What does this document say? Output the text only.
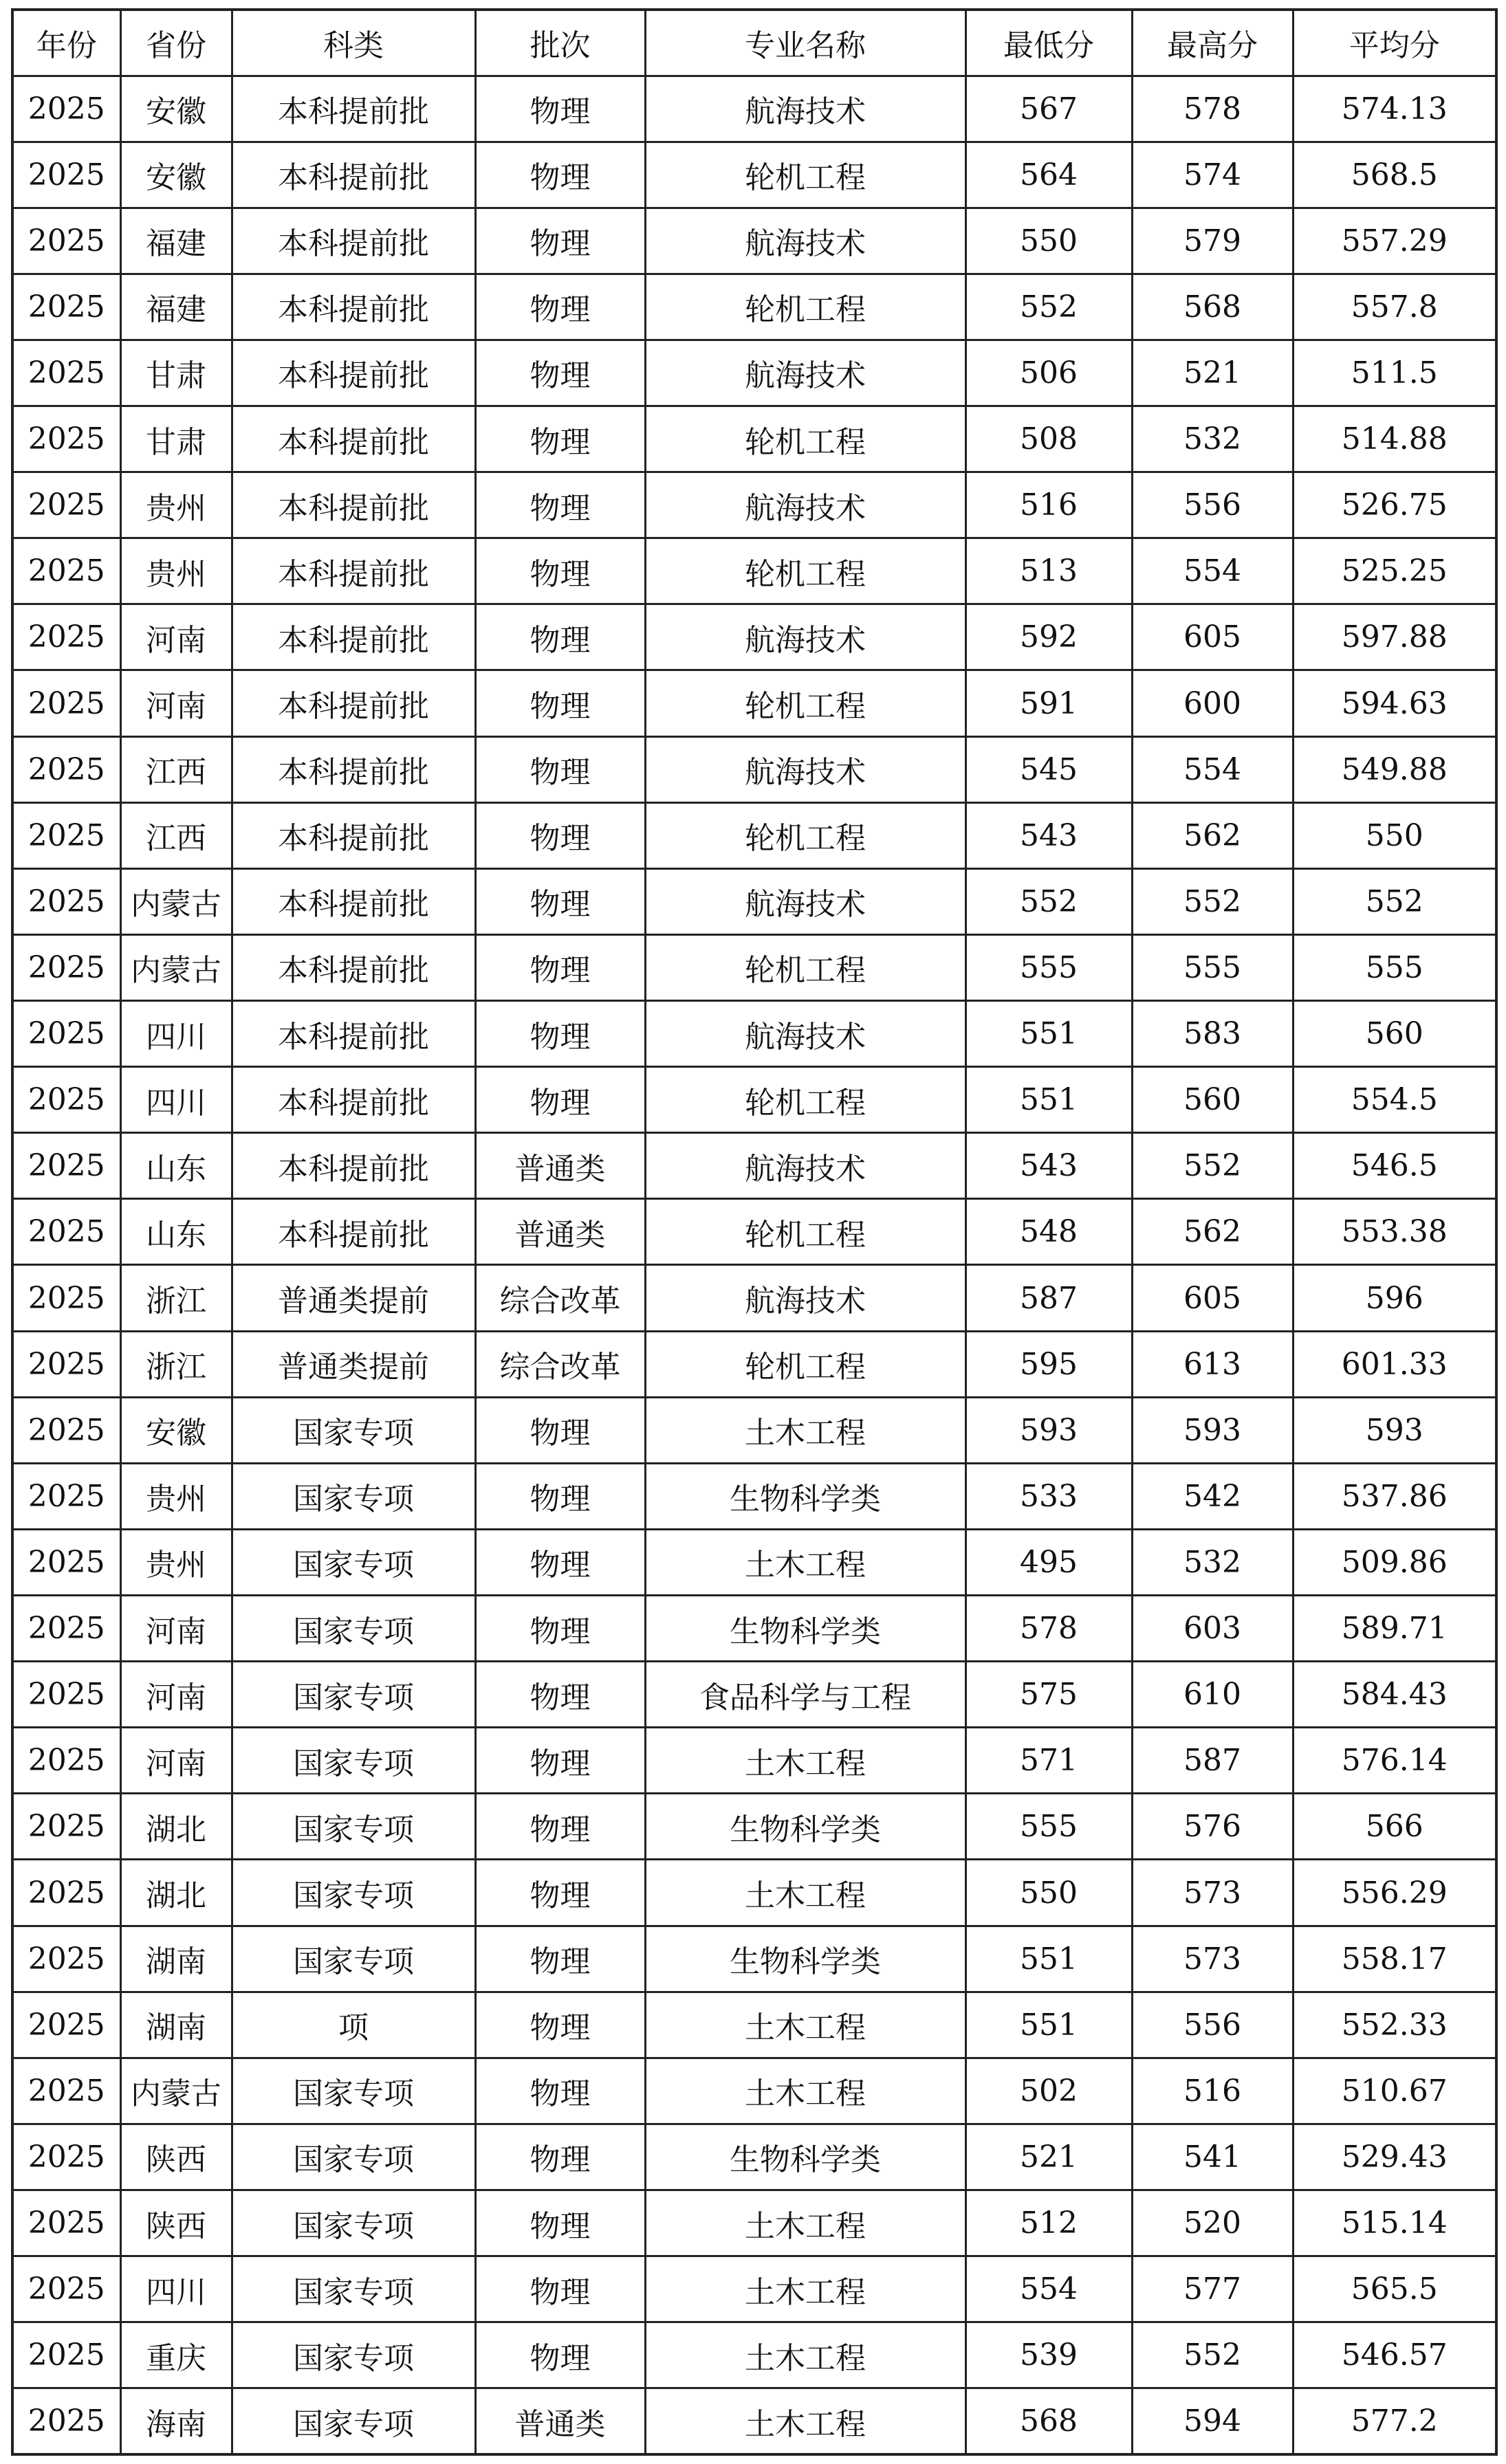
年份	省份	科类	批次	专业名称	最低分	最高分	平均分
2025	安徽	本科提前批	物理	航海技术	567	578	574.13
2025	安徽	本科提前批	物理	轮机工程	564	574	568.5
2025	福建	本科提前批	物理	航海技术	550	579	557.29
2025	福建	本科提前批	物理	轮机工程	552	568	557.8
2025	甘肃	本科提前批	物理	航海技术	506	521	511.5
2025	甘肃	本科提前批	物理	轮机工程	508	532	514.88
2025	贵州	本科提前批	物理	航海技术	516	556	526.75
2025	贵州	本科提前批	物理	轮机工程	513	554	525.25
2025	河南	本科提前批	物理	航海技术	592	605	597.88
2025	河南	本科提前批	物理	轮机工程	591	600	594.63
2025	江西	本科提前批	物理	航海技术	545	554	549.88
2025	江西	本科提前批	物理	轮机工程	543	562	550
2025	内蒙古	本科提前批	物理	航海技术	552	552	552
2025	内蒙古	本科提前批	物理	轮机工程	555	555	555
2025	四川	本科提前批	物理	航海技术	551	583	560
2025	四川	本科提前批	物理	轮机工程	551	560	554.5
2025	山东	本科提前批	普通类	航海技术	543	552	546.5
2025	山东	本科提前批	普通类	轮机工程	548	562	553.38
2025	浙江	普通类提前	综合改革	航海技术	587	605	596
2025	浙江	普通类提前	综合改革	轮机工程	595	613	601.33
2025	安徽	国家专项	物理	土木工程	593	593	593
2025	贵州	国家专项	物理	生物科学类	533	542	537.86
2025	贵州	国家专项	物理	土木工程	495	532	509.86
2025	河南	国家专项	物理	生物科学类	578	603	589.71
2025	河南	国家专项	物理	食品科学与工程	575	610	584.43
2025	河南	国家专项	物理	土木工程	571	587	576.14
2025	湖北	国家专项	物理	生物科学类	555	576	566
2025	湖北	国家专项	物理	土木工程	550	573	556.29
2025	湖南	国家专项	物理	生物科学类	551	573	558.17
2025	湖南	项	物理	土木工程	551	556	552.33
2025	内蒙古	国家专项	物理	土木工程	502	516	510.67
2025	陕西	国家专项	物理	生物科学类	521	541	529.43
2025	陕西	国家专项	物理	土木工程	512	520	515.14
2025	四川	国家专项	物理	土木工程	554	577	565.5
2025	重庆	国家专项	物理	土木工程	539	552	546.57
2025	海南	国家专项	普通类	土木工程	568	594	577.2
